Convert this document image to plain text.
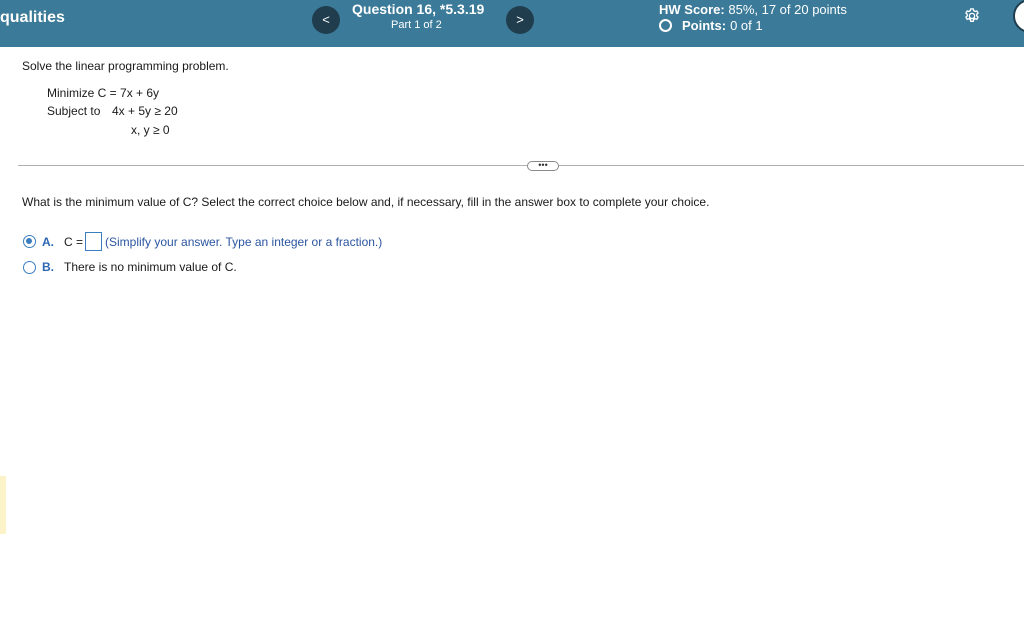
qualities	<
Question 16, *5.3.19
Part 1 of 2	>
HW Score: 85%, 17 of 20 points
Points: 0 of 1
Solve the linear programming problem.
Minimize C = 7x + 6y
Subject to 4x + 5y ≥ 20
x, y ≥ 0
•••
What is the minimum value of C? Select the correct choice below and, if necessary, fill in the answer box to complete your choice.
A. C = (Simplify your answer. Type an integer or a fraction.)
B. There is no minimum value of C.
